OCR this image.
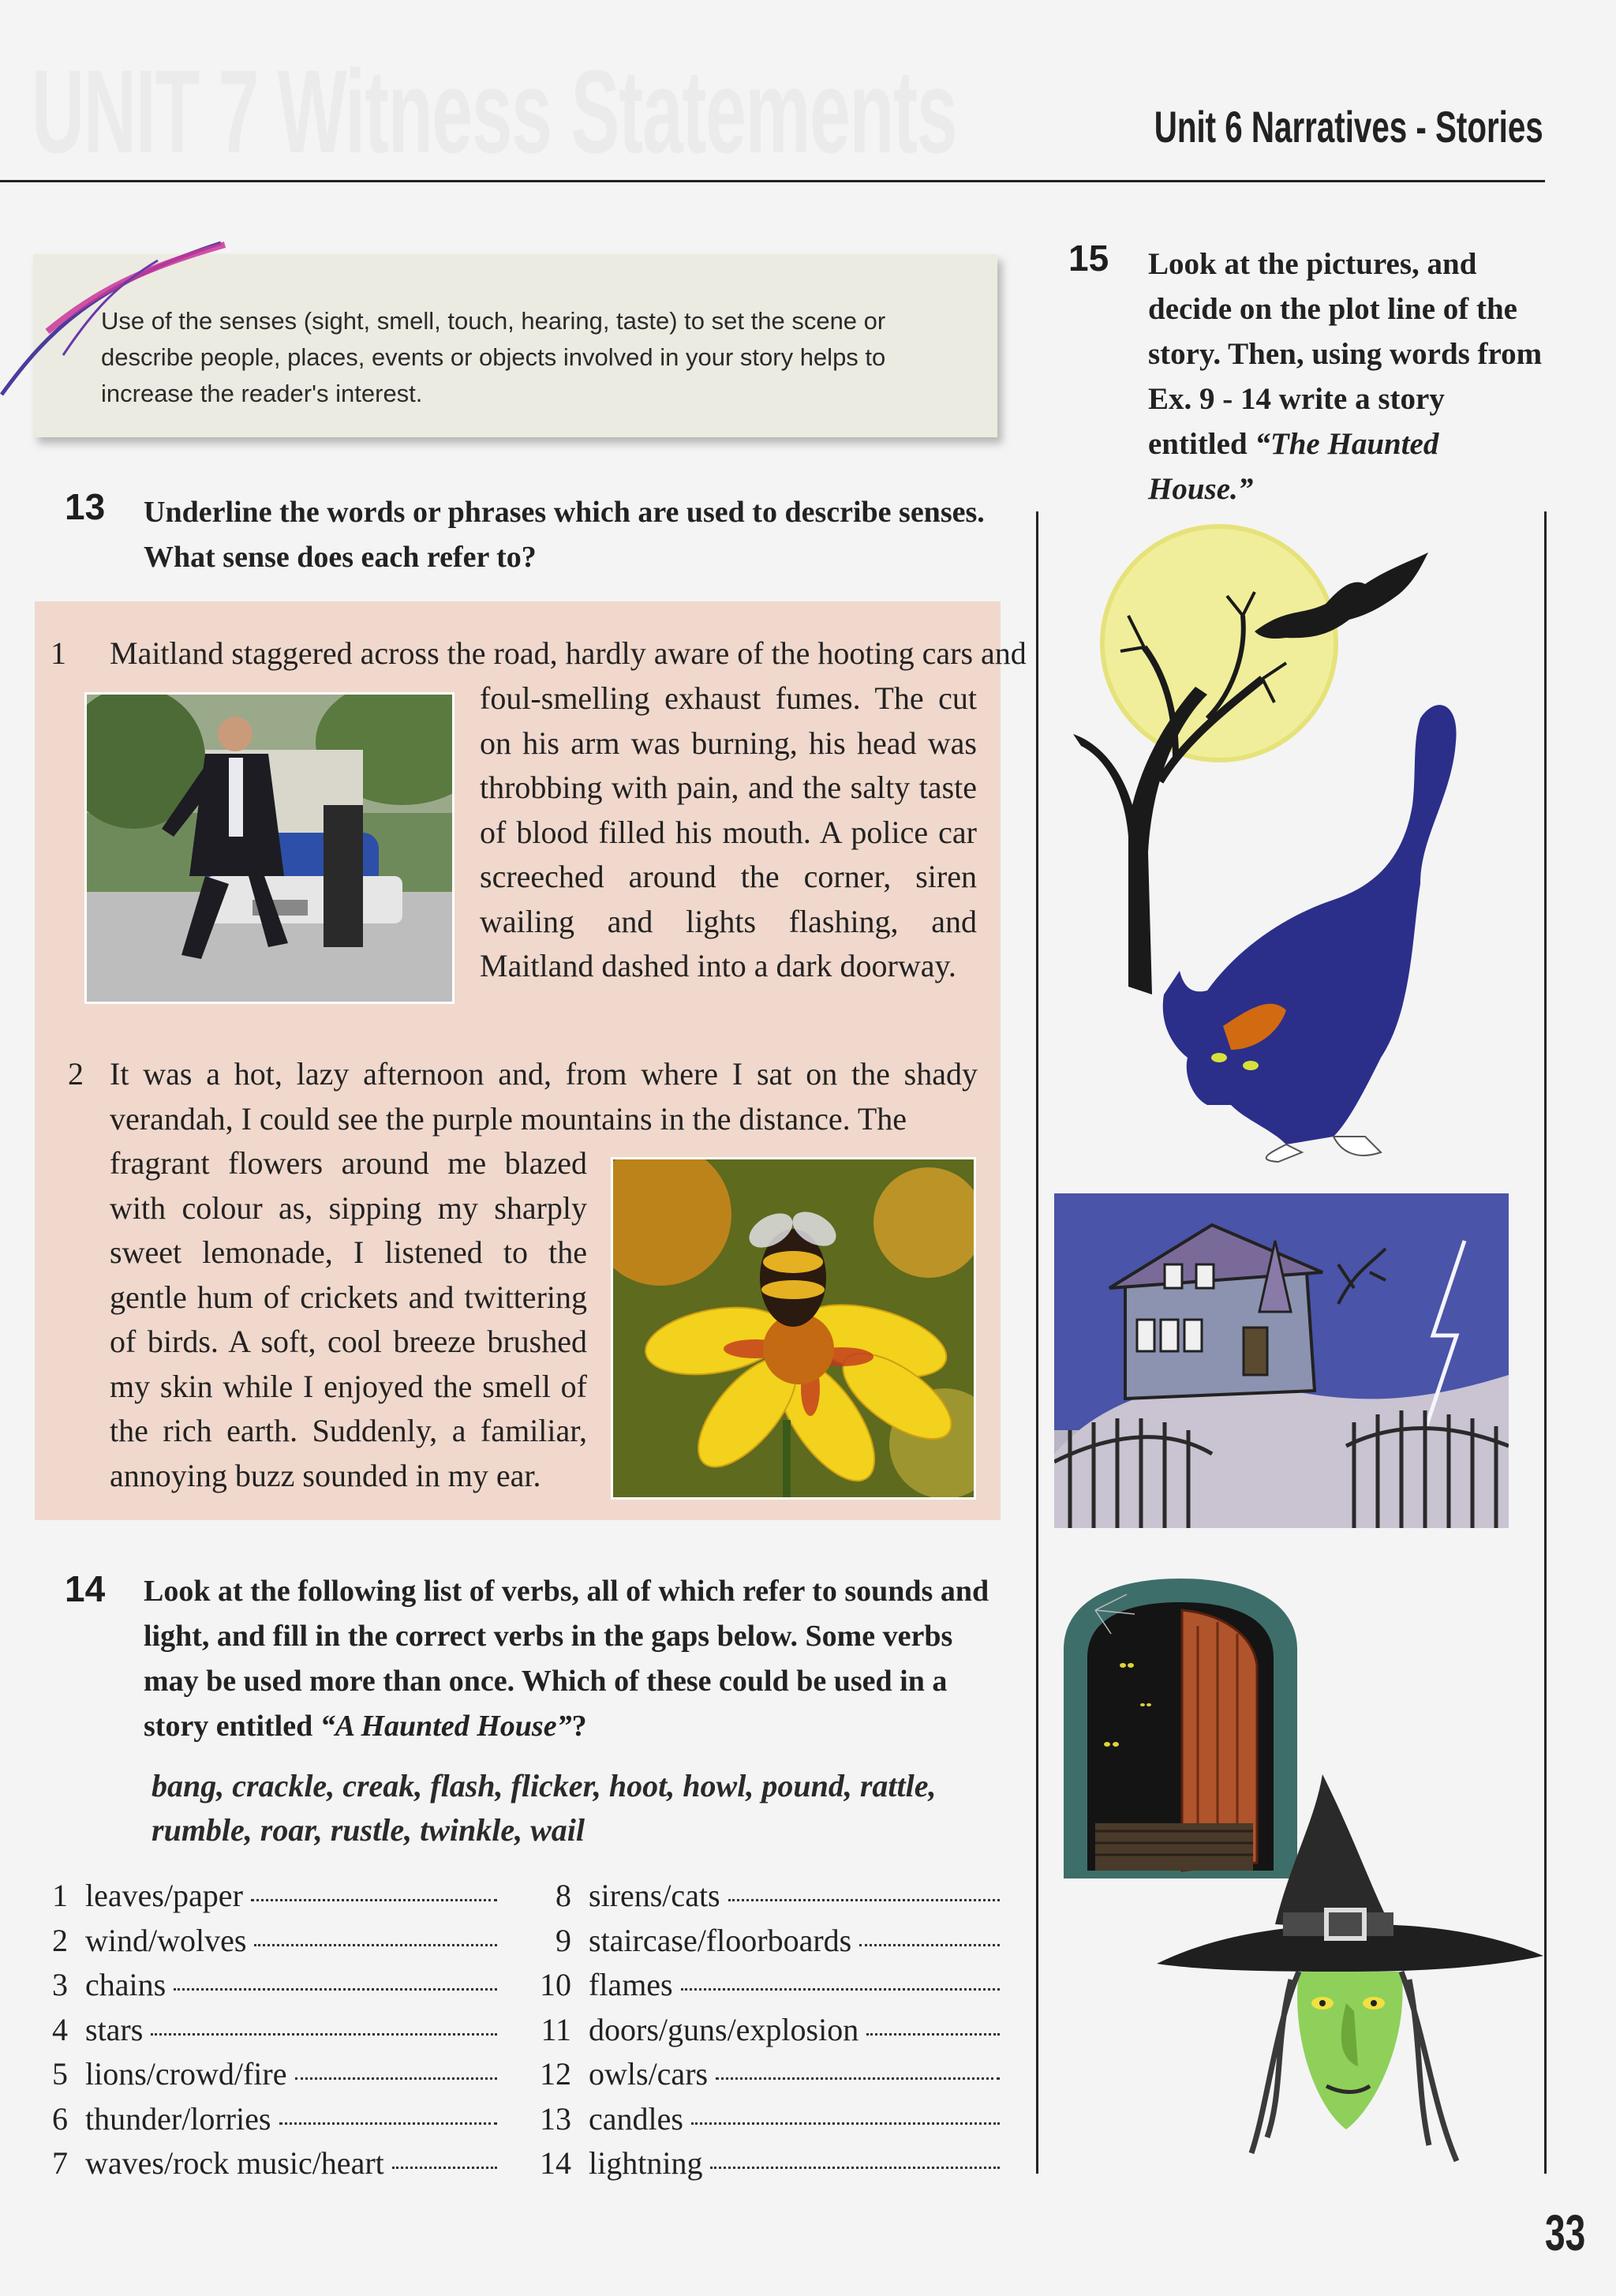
UNIT 7 Witness Statements	Unit 6 Narratives - Stories
Use of the senses (sight, smell, touch, hearing, taste) to set the scene or describe people, places, events or objects involved in your story helps to increase the reader's interest.
13 Underline the words or phrases which are used to describe senses. What sense does each refer to?
1 Maitland staggered across the road, hardly aware of the hooting cars and
foul-smelling exhaust fumes. The cut on his arm was burning, his head was throbbing with pain, and the salty taste of blood filled his mouth. A police car screeched around the corner, siren wailing and lights flashing, and Maitland dashed into a dark doorway.
2 It was a hot, lazy afternoon and, from where I sat on the shady verandah, I could see the purple mountains in the distance. The
fragrant flowers around me blazed with colour as, sipping my sharply sweet lemonade, I listened to the gentle hum of crickets and twittering of birds. A soft, cool breeze brushed my skin while I enjoyed the smell of the rich earth. Suddenly, a familiar, annoying buzz sounded in my ear.
14 Look at the following list of verbs, all of which refer to sounds and light, and fill in the correct verbs in the gaps below. Some verbs may be used more than once. Which of these could be used in a story entitled “A Haunted House”?
bang, crackle, creak, flash, flicker, hoot, howl, pound, rattle, rumble, roar, rustle, twinkle, wail
1 leaves/paper
2 wind/wolves
3 chains
4 stars
5 lions/crowd/fire
6 thunder/lorries
7 waves/rock music/heart
8 sirens/cats
9 staircase/floorboards
10 flames
11 doors/guns/explosion
12 owls/cars
13 candles
14 lightning
15 Look at the pictures, and decide on the plot line of the story. Then, using words from Ex. 9 - 14 write a story entitled “The Haunted House.”
33
